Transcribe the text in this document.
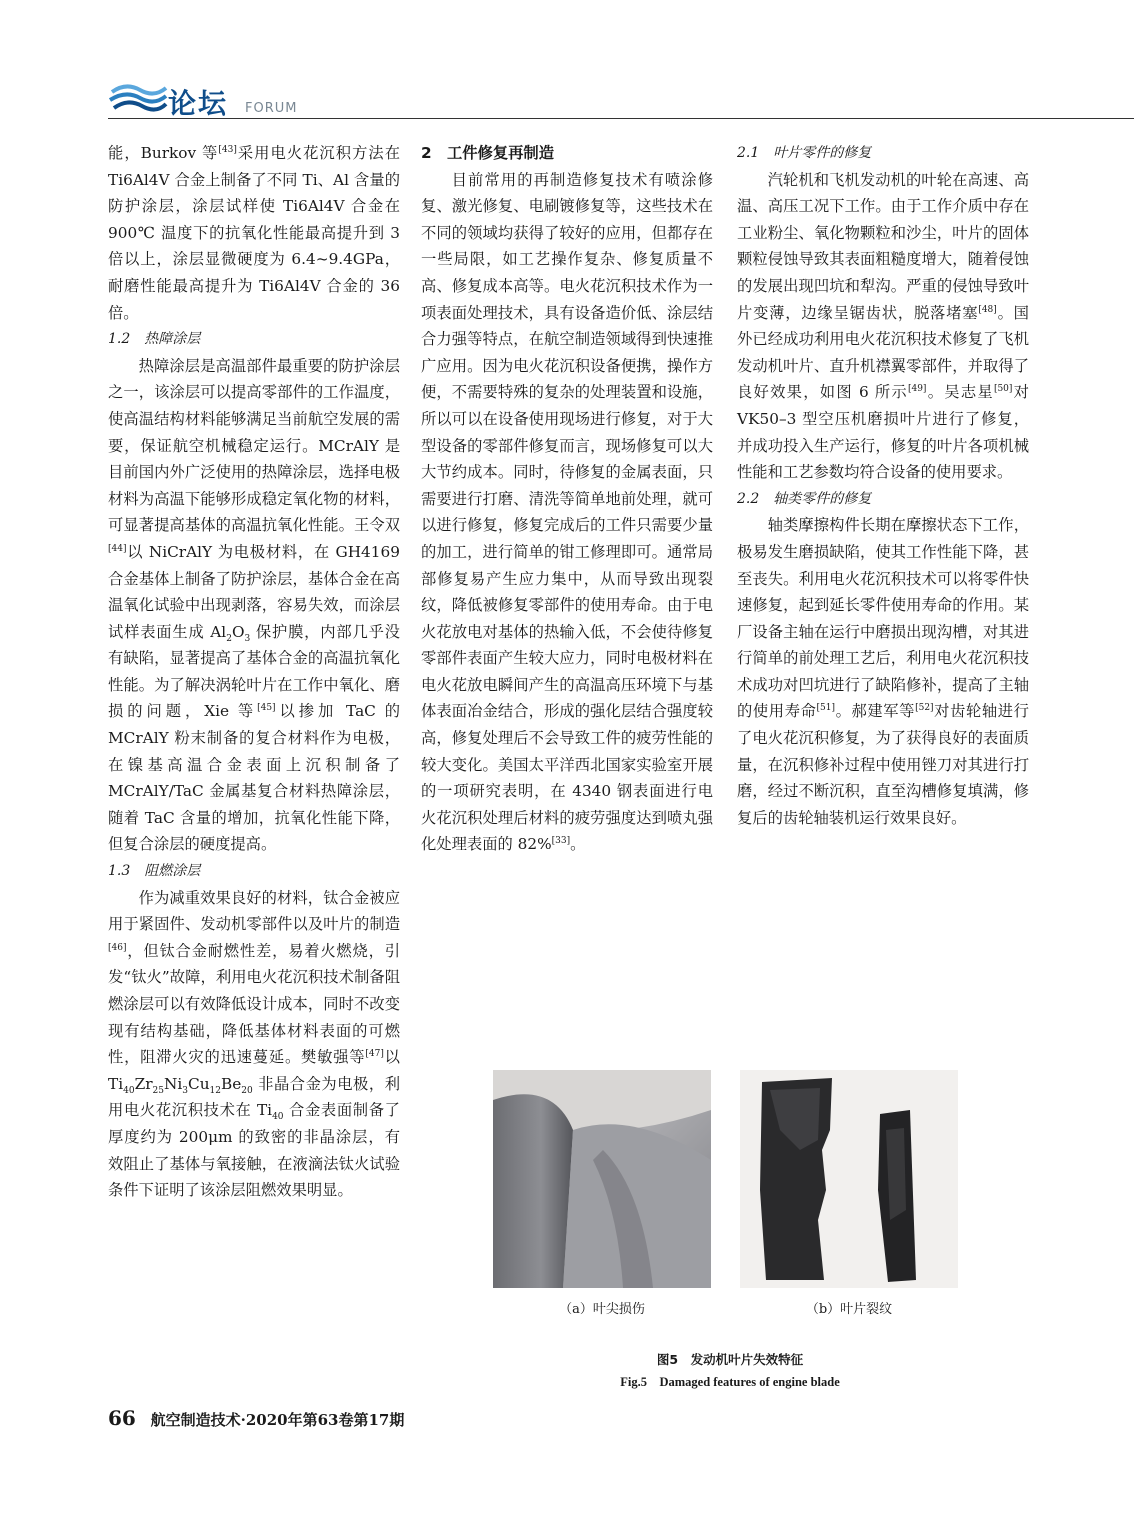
论坛 FORUM

能，Burkov 等[43]采用电火花沉积方法在 Ti6Al4V 合金上制备了不同 Ti、Al 含量的防护涂层，涂层试样使 Ti6Al4V 合金在 900℃ 温度下的抗氧化性能最高提升到 3 倍以上，涂层显微硬度为 6.4~9.4GPa，耐磨性能最高提升为 Ti6Al4V 合金的 36 倍。

1.2　热障涂层

热障涂层是高温部件最重要的防护涂层之一，该涂层可以提高零部件的工作温度，使高温结构材料能够满足当前航空发展的需要，保证航空机械稳定运行。MCrAlY 是目前国内外广泛使用的热障涂层，选择电极材料为高温下能够形成稳定氧化物的材料，可显著提高基体的高温抗氧化性能。王令双[44]以 NiCrAlY 为电极材料，在 GH4169 合金基体上制备了防护涂层，基体合金在高温氧化试验中出现剥落，容易失效，而涂层试样表面生成 $Al_2O_3$ 保护膜，内部几乎没有缺陷，显著提高了基体合金的高温抗氧化性能。为了解决涡轮叶片在工作中氧化、磨损的问题，Xie 等[45]以掺加 TaC 的 MCrAlY 粉末制备的复合材料作为电极，在镍基高温合金表面上沉积制备了 MCrAlY/TaC 金属基复合材料热障涂层，随着 TaC 含量的增加，抗氧化性能下降，但复合涂层的硬度提高。

1.3　阻燃涂层

作为减重效果良好的材料，钛合金被应用于紧固件、发动机零部件以及叶片的制造[46]，但钛合金耐燃性差，易着火燃烧，引发“钛火”故障，利用电火花沉积技术制备阻燃涂层可以有效降低设计成本，同时不改变现有结构基础，降低基体材料表面的可燃性，阻滞火灾的迅速蔓延。樊敏强等[47]以 $Ti_{40}Zr_{25}Ni_3Cu_{12}Be_{20}$ 非晶合金为电极，利用电火花沉积技术在 $Ti_{40}$ 合金表面制备了厚度约为 200μm 的致密的非晶涂层，有效阻止了基体与氧接触，在液滴法钛火试验条件下证明了该涂层阻燃效果明显。

2　工件修复再制造

目前常用的再制造修复技术有喷涂修复、激光修复、电刷镀修复等，这些技术在不同的领域均获得了较好的应用，但都存在一些局限，如工艺操作复杂、修复质量不高、修复成本高等。电火花沉积技术作为一项表面处理技术，具有设备造价低、涂层结合力强等特点，在航空制造领域得到快速推广应用。因为电火花沉积设备便携，操作方便，不需要特殊的复杂的处理装置和设施，所以可以在设备使用现场进行修复，对于大型设备的零部件修复而言，现场修复可以大大节约成本。同时，待修复的金属表面，只需要进行打磨、清洗等简单地前处理，就可以进行修复，修复完成后的工件只需要少量的加工，进行简单的钳工修理即可。通常局部修复易产生应力集中，从而导致出现裂纹，降低被修复零部件的使用寿命。由于电火花放电对基体的热输入低，不会使待修复零部件表面产生较大应力，同时电极材料在电火花放电瞬间产生的高温高压环境下与基体表面冶金结合，形成的强化层结合强度较高，修复处理后不会导致工件的疲劳性能的较大变化。美国太平洋西北国家实验室开展的一项研究表明，在 4340 钢表面进行电火花沉积处理后材料的疲劳强度达到喷丸强化处理表面的 82%[33]。

2.1　叶片零件的修复

汽轮机和飞机发动机的叶轮在高速、高温、高压工况下工作。由于工作介质中存在工业粉尘、氧化物颗粒和沙尘，叶片的固体颗粒侵蚀导致其表面粗糙度增大，随着侵蚀的发展出现凹坑和犁沟。严重的侵蚀导致叶片变薄，边缘呈锯齿状，脱落堵塞[48]。国外已经成功利用电火花沉积技术修复了飞机发动机叶片、直升机襟翼零部件，并取得了良好效果，如图 6 所示[49]。吴志星[50]对 VK50–3 型空压机磨损叶片进行了修复，并成功投入生产运行，修复的叶片各项机械性能和工艺参数均符合设备的使用要求。

2.2　轴类零件的修复

轴类摩擦构件长期在摩擦状态下工作，极易发生磨损缺陷，使其工作性能下降，甚至丧失。利用电火花沉积技术可以将零件快速修复，起到延长零件使用寿命的作用。某厂设备主轴在运行中磨损出现沟槽，对其进行简单的前处理工艺后，利用电火花沉积技术成功对凹坑进行了缺陷修补，提高了主轴的使用寿命[51]。郝建军等[52]对齿轮轴进行了电火花沉积修复，为了获得良好的表面质量，在沉积修补过程中使用锉刀对其进行打磨，经过不断沉积，直至沟槽修复填满，修复后的齿轮轴装机运行效果良好。

（a）叶尖损伤	（b）叶片裂纹
图5　发动机叶片失效特征
Fig.5　Damaged features of engine blade
66 航空制造技术·2020年第63卷第17期
